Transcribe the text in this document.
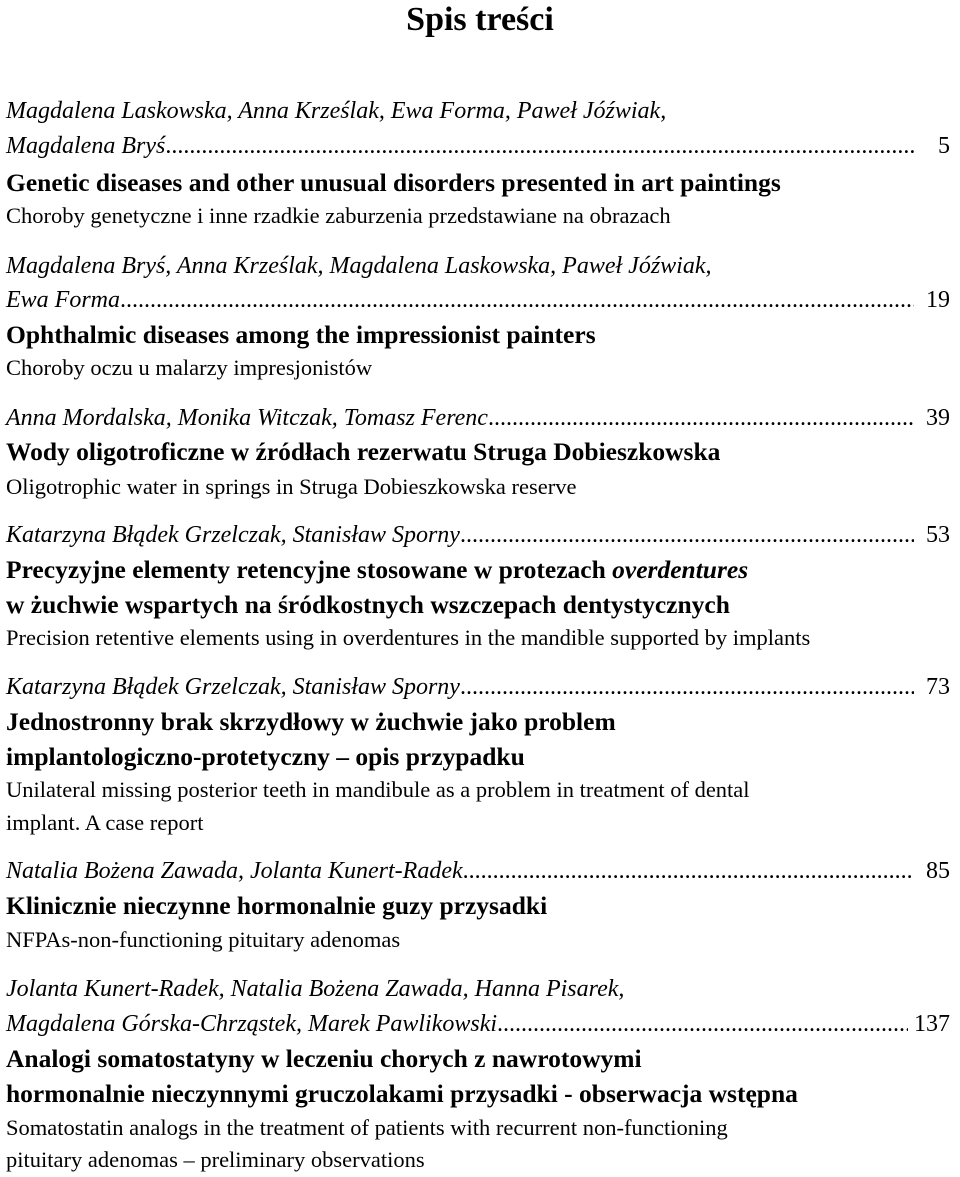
Spis treści
Magdalena Laskowska, Anna Krześlak, Ewa Forma, Paweł Jóźwiak,
Magdalena Bryś .....	5
Genetic diseases and other unusual disorders presented in art paintings
Choroby genetyczne i inne rzadkie zaburzenia przedstawiane na obrazach
Magdalena Bryś, Anna Krześlak, Magdalena Laskowska, Paweł Jóźwiak,
Ewa Forma .....	19
Ophthalmic diseases among the impressionist painters
Choroby oczu u malarzy impresjonistów
Anna Mordalska, Monika Witczak, Tomasz Ferenc .....	39
Wody oligotroficzne w źródłach rezerwatu Struga Dobieszkowska
Oligotrophic water in springs in Struga Dobieszkowska reserve
Katarzyna Błądek Grzelczak, Stanisław Sporny .....	53
Precyzyjne elementy retencyjne stosowane w protezach overdentures
w żuchwie wspartych na śródkostnych wszczepach dentystycznych
Precision retentive elements using in overdentures in the mandible supported by implants
Katarzyna Błądek Grzelczak, Stanisław Sporny .....	73
Jednostronny brak skrzydłowy w żuchwie jako problem
implantologiczno-protetyczny – opis przypadku
Unilateral missing posterior teeth in mandibule as a problem in treatment of dental
implant. A case report
Natalia Bożena Zawada, Jolanta Kunert-Radek .....	85
Klinicznie nieczynne hormonalnie guzy przysadki
NFPAs-non-functioning pituitary adenomas
Jolanta Kunert-Radek, Natalia Bożena Zawada, Hanna Pisarek,
Magdalena Górska-Chrząstek, Marek Pawlikowski .....	137
Analogi somatostatyny w leczeniu chorych z nawrotowymi
hormonalnie nieczynnymi gruczolakami przysadki - obserwacja wstępna
Somatostatin analogs in the treatment of patients with recurrent non-functioning
pituitary adenomas – preliminary observations
